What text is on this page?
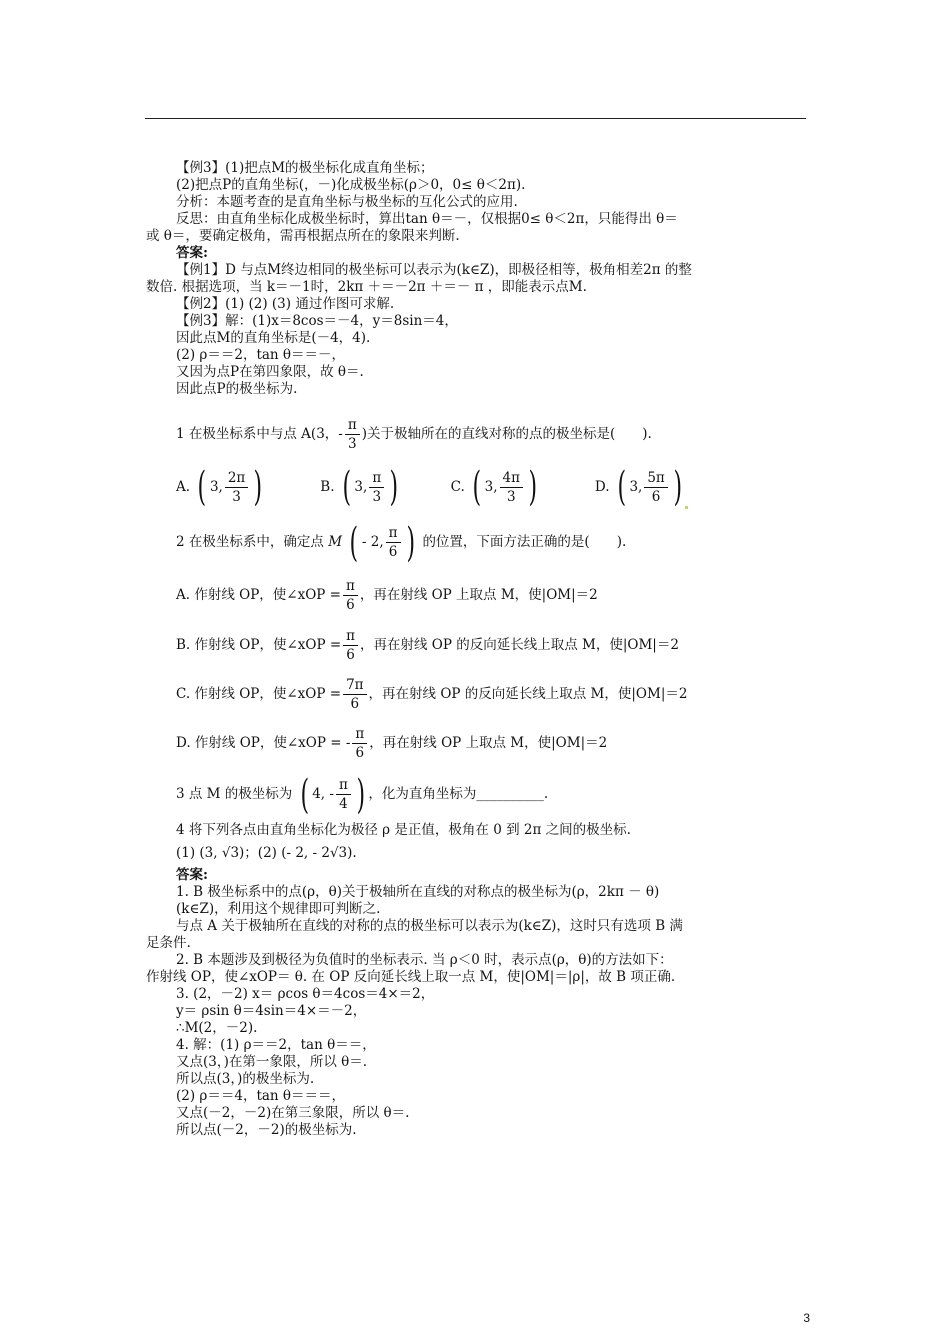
【例3】(1)把点M的极坐标化成直角坐标；
(2)把点P的直角坐标(，－)化成极坐标(ρ＞0，0≤ θ＜2π).
分析：本题考查的是直角坐标与极坐标的互化公式的应用.
反思：由直角坐标化成极坐标时，算出tan θ＝－，仅根据0≤ θ＜2π，只能得出 θ＝
或 θ＝，要确定极角，需再根据点所在的象限来判断.
答案:
【例1】D 与点M终边相同的极坐标可以表示为(k∈Z)，即极径相等，极角相差2π 的整
数倍. 根据选项，当 k＝－1时，2kπ ＋＝－2π ＋＝－ π ，即能表示点M.
【例2】(1) (2) (3) 通过作图可求解.
【例3】解：(1)x＝8cos＝－4，y＝8sin＝4，
因此点M的直角坐标是(－4，4).
(2) ρ＝＝2，tan θ＝＝－，
又因为点P在第四象限，故 θ＝.
因此点P的极坐标为.
1 在极坐标系中与点 A(3，- $\frac{\pi}{3}$ )关于极轴所在的直线对称的点的极坐标是(　　).
A. ( 3, $\frac{2\pi}{3}$ )	B. ( 3, $\frac{\pi}{3}$ )	C. ( 3, $\frac{4\pi}{3}$ )	D. ( 3, $\frac{5\pi}{6}$ )
2 在极坐标系中，确定点 M ( - 2, $\frac{\pi}{6}$ ) 的位置，下面方法正确的是(　　).
A. 作射线 OP，使∠xOP = $\frac{\pi}{6}$ ，再在射线 OP 上取点 M，使|OM|＝2
B. 作射线 OP，使∠xOP = $\frac{\pi}{6}$ ，再在射线 OP 的反向延长线上取点 M，使|OM|＝2
C. 作射线 OP，使∠xOP = $\frac{7\pi}{6}$ ，再在射线 OP 的反向延长线上取点 M，使|OM|＝2
D. 作射线 OP，使∠xOP = - $\frac{\pi}{6}$ ，再在射线 OP 上取点 M，使|OM|＝2
3 点 M 的极坐标为 ( 4, - $\frac{\pi}{4}$ ) ，化为直角坐标为__________.
4 将下列各点由直角坐标化为极径 ρ 是正值，极角在 0 到 2π 之间的极坐标.
(1) (3, √3)；(2) (- 2, - 2√3).
答案:
1. B 极坐标系中的点(ρ，θ)关于极轴所在直线的对称点的极坐标为(ρ，2kπ － θ)
(k∈Z)，利用这个规律即可判断之.
与点 A 关于极轴所在直线的对称的点的极坐标可以表示为(k∈Z)，这时只有选项 B 满
足条件.
2. B 本题涉及到极径为负值时的坐标表示. 当 ρ＜0 时，表示点(ρ，θ)的方法如下：
作射线 OP，使∠xOP＝ θ. 在 OP 反向延长线上取一点 M，使|OM|＝|ρ|，故 B 项正确.
3. (2，－2) x＝ ρcos θ＝4cos＝4×＝2，
y＝ ρsin θ＝4sin＝4×＝－2，
∴M(2，－2).
4. 解：(1) ρ＝＝2，tan θ＝＝，
又点(3，)在第一象限，所以 θ＝.
所以点(3，)的极坐标为.
(2) ρ＝＝4，tan θ＝＝＝，
又点(－2，－2)在第三象限，所以 θ＝.
所以点(－2，－2)的极坐标为.
3
